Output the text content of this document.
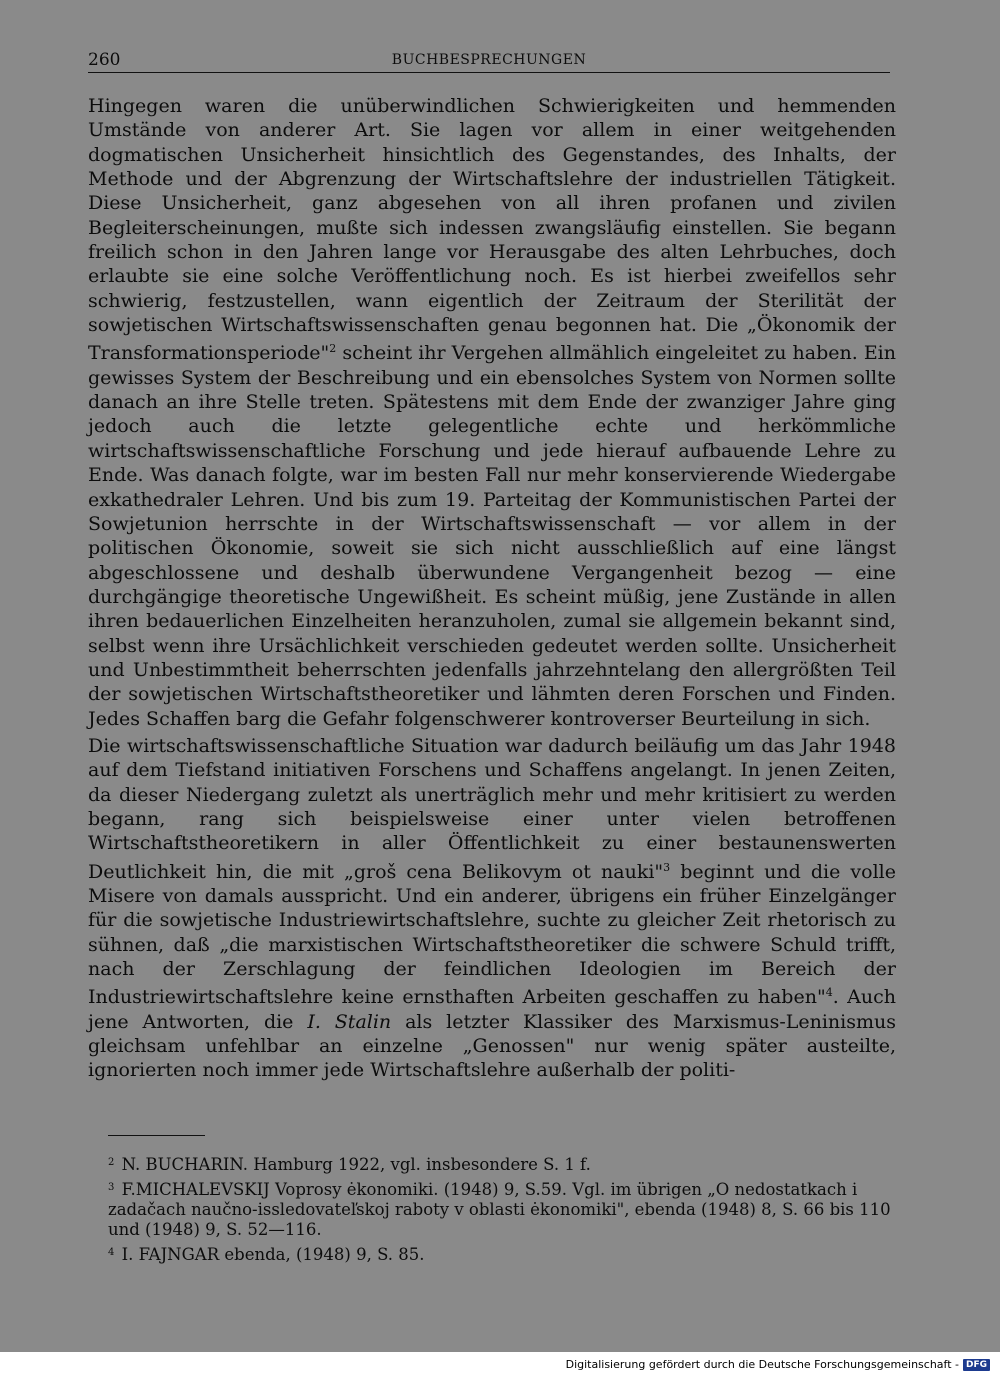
260	BUCHBESPRECHUNGEN

Hingegen waren die unüberwindlichen Schwierigkeiten und hemmenden Umstände von anderer Art. Sie lagen vor allem in einer weitgehenden dogmatischen Unsicherheit hinsichtlich des Gegenstandes, des Inhalts, der Methode und der Abgrenzung der Wirtschaftslehre der industriellen Tätigkeit. Diese Unsicherheit, ganz abgesehen von all ihren profanen und zivilen Begleiterscheinungen, mußte sich indessen zwangsläufig einstellen. Sie begann freilich schon in den Jahren lange vor Herausgabe des alten Lehrbuches, doch erlaubte sie eine solche Veröffentlichung noch. Es ist hierbei zweifellos sehr schwierig, festzustellen, wann eigentlich der Zeitraum der Sterilität der sowjetischen Wirtschaftswissenschaften genau begonnen hat. Die „Ökonomik der Transformationsperiode"$^2$ scheint ihr Vergehen allmählich eingeleitet zu haben. Ein gewisses System der Beschreibung und ein ebensolches System von Normen sollte danach an ihre Stelle treten. Spätestens mit dem Ende der zwanziger Jahre ging jedoch auch die letzte gelegentliche echte und herkömmliche wirtschaftswissenschaftliche Forschung und jede hierauf aufbauende Lehre zu Ende. Was danach folgte, war im besten Fall nur mehr konservierende Wiedergabe exkathedraler Lehren. Und bis zum 19. Parteitag der Kommunistischen Partei der Sowjetunion herrschte in der Wirtschaftswissenschaft — vor allem in der politischen Ökonomie, soweit sie sich nicht ausschließlich auf eine längst abgeschlossene und deshalb überwundene Vergangenheit bezog — eine durchgängige theoretische Ungewißheit. Es scheint müßig, jene Zustände in allen ihren bedauerlichen Einzelheiten heranzuholen, zumal sie allgemein bekannt sind, selbst wenn ihre Ursächlichkeit verschieden gedeutet werden sollte. Unsicherheit und Unbestimmtheit beherrschten jedenfalls jahrzehntelang den allergrößten Teil der sowjetischen Wirtschaftstheoretiker und lähmten deren Forschen und Finden. Jedes Schaffen barg die Gefahr folgenschwerer kontroverser Beurteilung in sich.

Die wirtschaftswissenschaftliche Situation war dadurch beiläufig um das Jahr 1948 auf dem Tiefstand initiativen Forschens und Schaffens angelangt. In jenen Zeiten, da dieser Niedergang zuletzt als unerträglich mehr und mehr kritisiert zu werden begann, rang sich beispielsweise einer unter vielen betroffenen Wirtschaftstheoretikern in aller Öffentlichkeit zu einer bestaunenswerten Deutlichkeit hin, die mit „groš cena Belikovym ot nauki"$^3$ beginnt und die volle Misere von damals ausspricht. Und ein anderer, übrigens ein früher Einzelgänger für die sowjetische Industriewirtschaftslehre, suchte zu gleicher Zeit rhetorisch zu sühnen, daß „die marxistischen Wirtschaftstheoretiker die schwere Schuld trifft, nach der Zerschlagung der feindlichen Ideologien im Bereich der Industriewirtschaftslehre keine ernsthaften Arbeiten geschaffen zu haben"$^4$. Auch jene Antworten, die I. Stalin als letzter Klassiker des Marxismus-Leninismus gleichsam unfehlbar an einzelne „Genossen" nur wenig später austeilte, ignorierten noch immer jede Wirtschaftslehre außerhalb der politi-

$^2$ N. BUCHARIN. Hamburg 1922, vgl. insbesondere S. 1 f.

$^3$ F.MICHALEVSKIJ Voprosy ėkonomiki. (1948) 9, S.59. Vgl. im übrigen „O nedostatkach i zadačach naučno-issledovateľskoj raboty v oblasti ėkonomiki", ebenda (1948) 8, S. 66 bis 110 und (1948) 9, S. 52—116.

$^4$ I. FAJNGAR ebenda, (1948) 9, S. 85.

Digitalisierung gefördert durch die Deutsche Forschungsgemeinschaft - DFG
